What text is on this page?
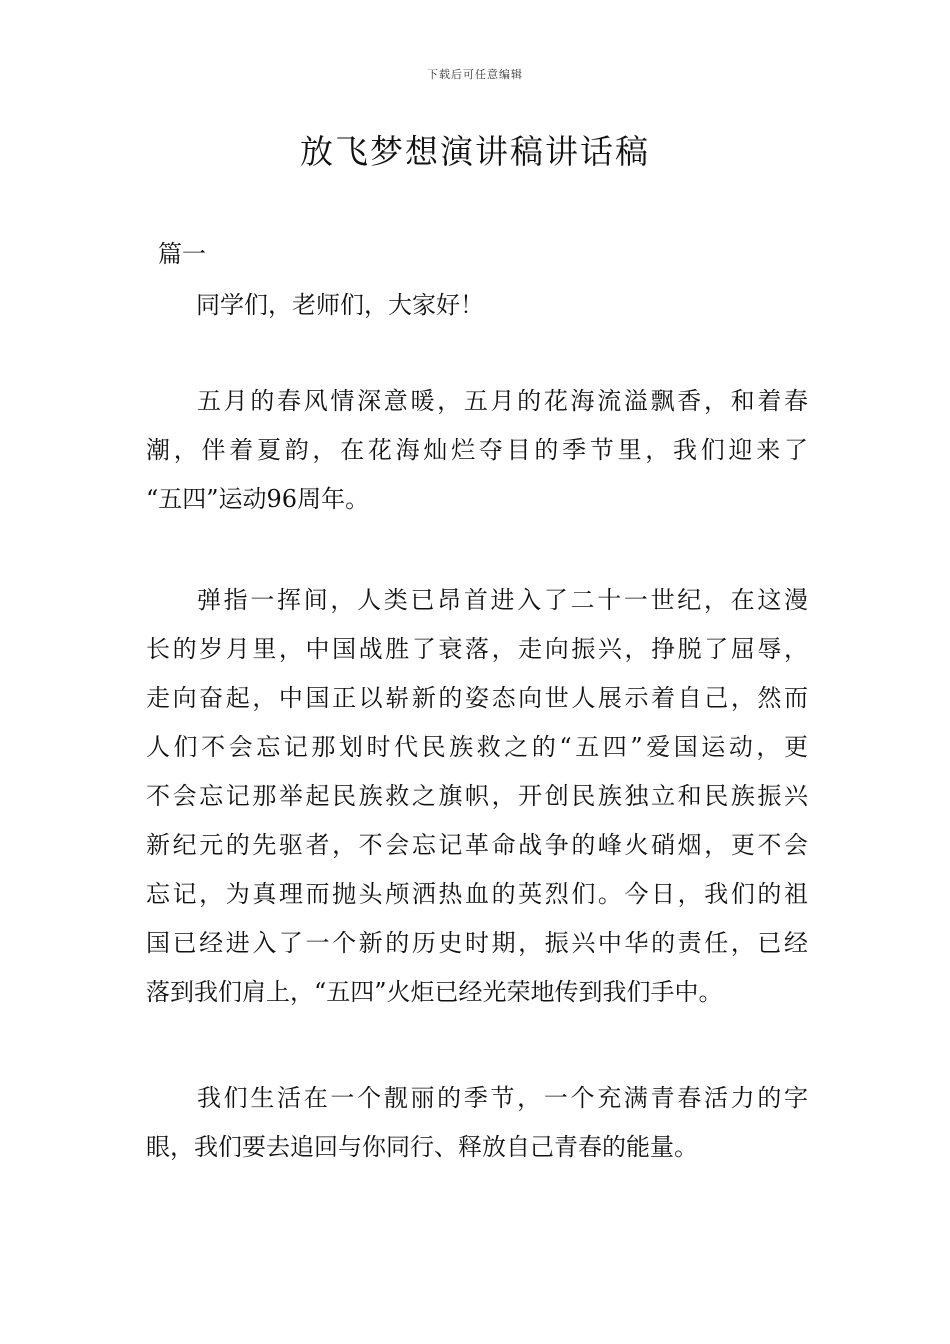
下载后可任意编辑
放飞梦想演讲稿讲话稿
篇一
同学们，老师们，大家好！
五月的春风情深意暖，五月的花海流溢飘香，和着春
潮，伴着夏韵，在花海灿烂夺目的季节里，我们迎来了
“五四”运动96周年。
弹指一挥间，人类已昂首进入了二十一世纪，在这漫
长的岁月里，中国战胜了衰落，走向振兴，挣脱了屈辱，
走向奋起，中国正以崭新的姿态向世人展示着自己，然而
人们不会忘记那划时代民族救之的“五四”爱国运动，更
不会忘记那举起民族救之旗帜，开创民族独立和民族振兴
新纪元的先驱者，不会忘记革命战争的峰火硝烟，更不会
忘记，为真理而抛头颅洒热血的英烈们。今日，我们的祖
国已经进入了一个新的历史时期，振兴中华的责任，已经
落到我们肩上，“五四”火炬已经光荣地传到我们手中。
我们生活在一个靓丽的季节，一个充满青春活力的字
眼，我们要去追回与你同行、释放自己青春的能量。
